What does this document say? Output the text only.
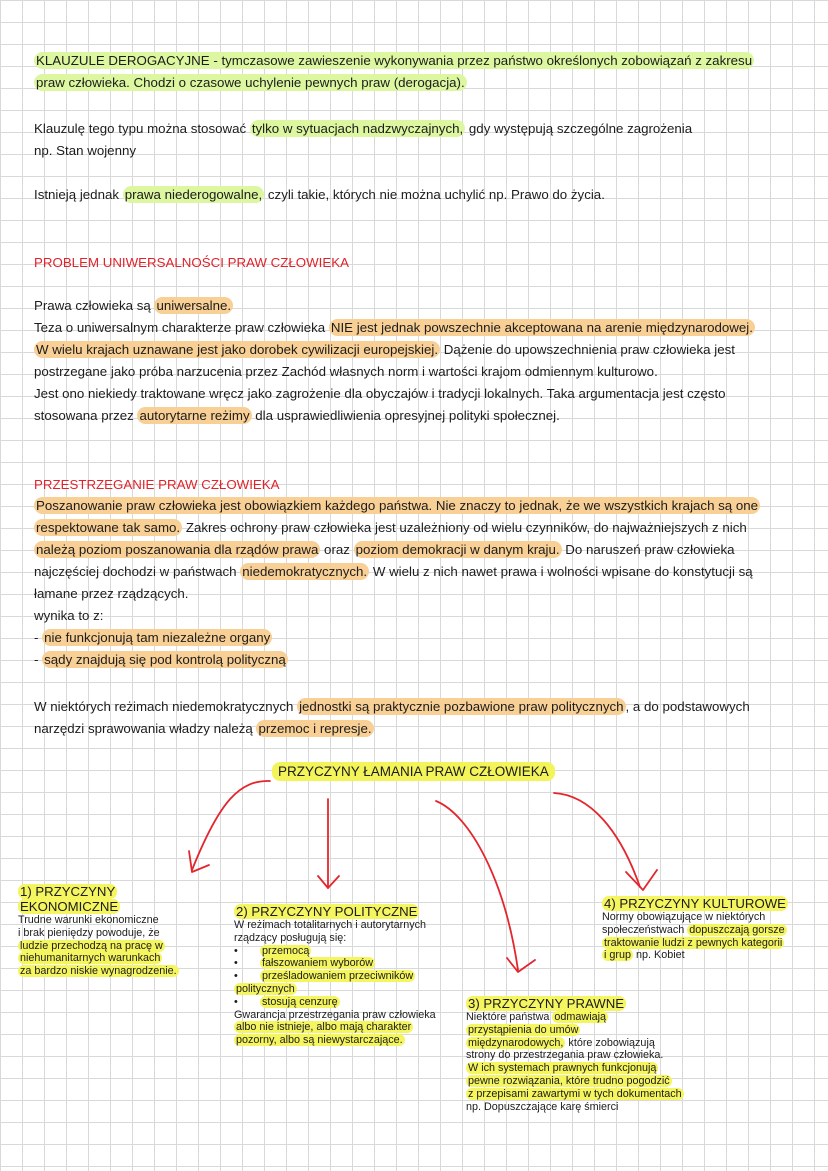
KLAUZULE DEROGACYJNE - tymczasowe zawieszenie wykonywania przez państwo określonych zobowiązań z zakresu
praw człowieka. Chodzi o czasowe uchylenie pewnych praw (derogacja).
Klauzulę tego typu można stosować tylko w sytuacjach nadzwyczajnych, gdy występują szczególne zagrożenia
np. Stan wojenny
Istnieją jednak prawa niederogowalne, czyli takie, których nie można uchylić np. Prawo do życia.
PROBLEM UNIWERSALNOŚCI PRAW CZŁOWIEKA
Prawa człowieka są uniwersalne.
Teza o uniwersalnym charakterze praw człowieka NIE jest jednak powszechnie akceptowana na arenie międzynarodowej.
W wielu krajach uznawane jest jako dorobek cywilizacji europejskiej. Dążenie do upowszechnienia praw człowieka jest
postrzegane jako próba narzucenia przez Zachód własnych norm i wartości krajom odmiennym kulturowo.
Jest ono niekiedy traktowane wręcz jako zagrożenie dla obyczajów i tradycji lokalnych. Taka argumentacja jest często
stosowana przez autorytarne reżimy dla usprawiedliwienia opresyjnej polityki społecznej.
PRZESTRZEGANIE PRAW CZŁOWIEKA
Poszanowanie praw człowieka jest obowiązkiem każdego państwa. Nie znaczy to jednak, że we wszystkich krajach są one
respektowane tak samo. Zakres ochrony praw człowieka jest uzależniony od wielu czynników, do najważniejszych z nich
należą poziom poszanowania dla rządów prawa oraz poziom demokracji w danym kraju. Do naruszeń praw człowieka
najczęściej dochodzi w państwach niedemokratycznych. W wielu z nich nawet prawa i wolności wpisane do konstytucji są
łamane przez rządzących.
wynika to z:
- nie funkcjonują tam niezależne organy
- sądy znajdują się pod kontrolą polityczną
W niektórych reżimach niedemokratycznych jednostki są praktycznie pozbawione praw politycznych , a do podstawowych
narzędzi sprawowania władzy należą przemoc i represje.
PRZYCZYNY ŁAMANIA PRAW CZŁOWIEKA
1) PRZYCZYNY
EKONOMICZNE
Trudne warunki ekonomiczne
i brak pieniędzy powoduje, że
ludzie przechodzą na pracę w
niehumanitarnych warunkach
za bardzo niskie wynagrodzenie.
2) PRZYCZYNY POLITYCZNE
W reżimach totalitarnych i autorytarnych
rządzący posługują się:
• przemocą
• fałszowaniem wyborów
• prześladowaniem przeciwników
politycznych
• stosują cenzurę
Gwarancja przestrzegania praw człowieka
albo nie istnieje, albo mają charakter
pozorny, albo są niewystarczające.
3) PRZYCZYNY PRAWNE
Niektóre państwa odmawiają
przystąpienia do umów
międzynarodowych, które zobowiązują
strony do przestrzegania praw człowieka.
W ich systemach prawnych funkcjonują
pewne rozwiązania, które trudno pogodzić
z przepisami zawartymi w tych dokumentach
np. Dopuszczające karę śmierci
4) PRZYCZYNY KULTUROWE
Normy obowiązujące w niektórych
społeczeństwach dopuszczają gorsze
traktowanie ludzi z pewnych kategorii
i grup np. Kobiet
